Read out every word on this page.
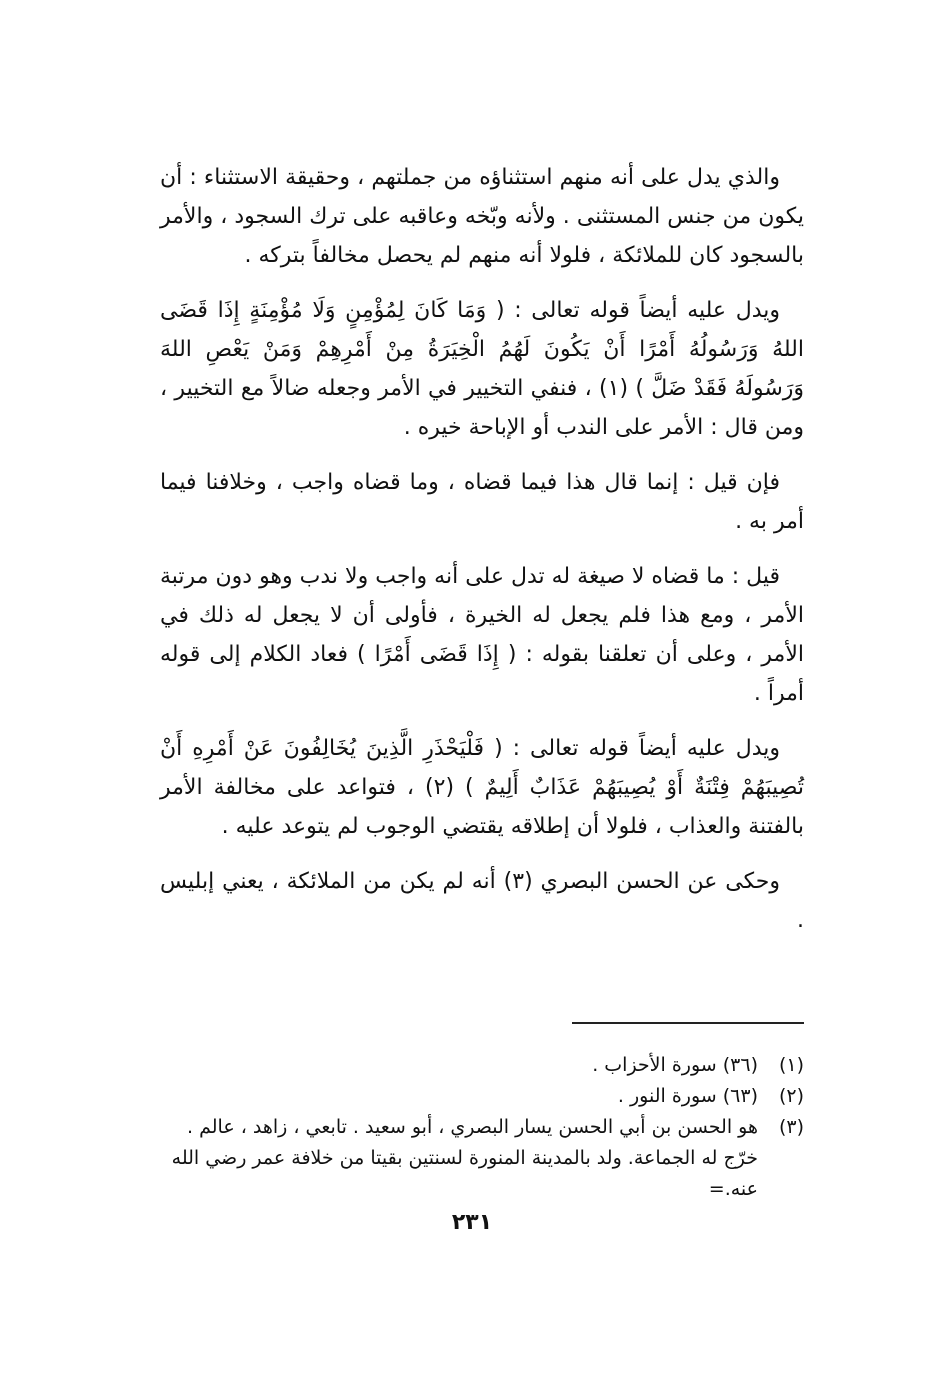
والذي يدل على أنه منهم استثناؤه من جملتهم ، وحقيقة الاستثناء : أن يكون من جنس المستثنى . ولأنه وبّخه وعاقبه على ترك السجود ، والأمر بالسجود كان للملائكة ، فلولا أنه منهم لم يحصل مخالفاً بتركه .

ويدل عليه أيضاً قوله تعالى : ( وَمَا كَانَ لِمُؤْمِنٍ وَلَا مُؤْمِنَةٍ إِذَا قَضَى اللهُ وَرَسُولُهُ أَمْرًا أَنْ يَكُونَ لَهُمُ الْخِيَرَةُ مِنْ أَمْرِهِمْ وَمَنْ يَعْصِ اللهَ وَرَسُولَهُ فَقَدْ ضَلَّ ) (١) ، فنفي التخيير في الأمر وجعله ضالاً مع التخيير ، ومن قال : الأمر على الندب أو الإباحة خيره .

فإن قيل : إنما قال هذا فيما قضاه ، وما قضاه واجب ، وخلافنا فيما أمر به .

قيل : ما قضاه لا صيغة له تدل على أنه واجب ولا ندب وهو دون مرتبة الأمر ، ومع هذا فلم يجعل له الخيرة ، فأولى أن لا يجعل له ذلك في الأمر ، وعلى أن تعلقنا بقوله : ( إِذَا قَضَى أَمْرًا ) فعاد الكلام إلى قوله أمراً .

ويدل عليه أيضاً قوله تعالى : ( فَلْيَحْذَرِ الَّذِينَ يُخَالِفُونَ عَنْ أَمْرِهِ أَنْ تُصِيبَهُمْ فِتْنَةٌ أَوْ يُصِيبَهُمْ عَذَابٌ أَلِيمٌ ) (٢) ، فتواعد على مخالفة الأمر بالفتنة والعذاب ، فلولا أن إطلاقه يقتضي الوجوب لم يتوعد عليه .

وحكى عن الحسن البصري (٣) أنه لم يكن من الملائكة ، يعني إبليس .

(١)
(٣٦) سورة الأحزاب .
(٢)
(٦٣) سورة النور .
(٣)
هو الحسن بن أبي الحسن يسار البصري ، أبو سعيد . تابعي ، زاهد ، عالم . خرّج له الجماعة. ولد بالمدينة المنورة لسنتين بقيتا من خلافة عمر رضي الله عنه.=
٢٣١
